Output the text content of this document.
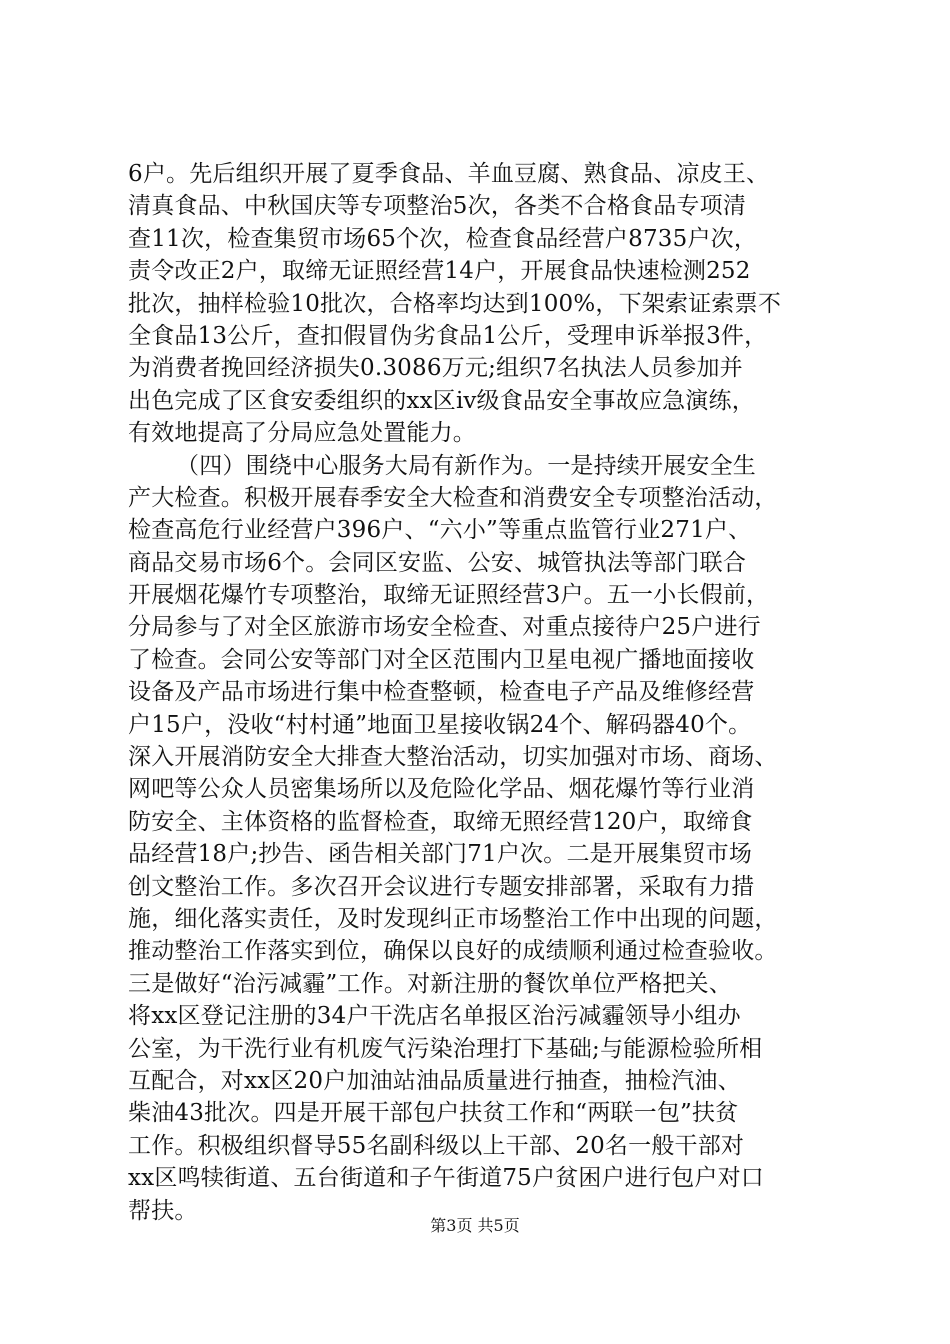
6户。先后组织开展了夏季食品、羊血豆腐、熟食品、凉皮王、
清真食品、中秋国庆等专项整治5次，各类不合格食品专项清
查11次，检查集贸市场65个次，检查食品经营户8735户次，
责令改正2户，取缔无证照经营14户，开展食品快速检测252
批次，抽样检验10批次，合格率均达到100%，下架索证索票不
全食品13公斤，查扣假冒伪劣食品1公斤，受理申诉举报3件，
为消费者挽回经济损失0.3086万元;组织7名执法人员参加并
出色完成了区食安委组织的xx区ⅳ级食品安全事故应急演练，
有效地提高了分局应急处置能力。
（四）围绕中心服务大局有新作为。一是持续开展安全生
产大检查。积极开展春季安全大检查和消费安全专项整治活动，
检查高危行业经营户396户、“六小”等重点监管行业271户、
商品交易市场6个。会同区安监、公安、城管执法等部门联合
开展烟花爆竹专项整治，取缔无证照经营3户。五一小长假前，
分局参与了对全区旅游市场安全检查、对重点接待户25户进行
了检查。会同公安等部门对全区范围内卫星电视广播地面接收
设备及产品市场进行集中检查整顿，检查电子产品及维修经营
户15户，没收“村村通”地面卫星接收锅24个、解码器40个。
深入开展消防安全大排查大整治活动，切实加强对市场、商场、
网吧等公众人员密集场所以及危险化学品、烟花爆竹等行业消
防安全、主体资格的监督检查，取缔无照经营120户，取缔食
品经营18户;抄告、函告相关部门71户次。二是开展集贸市场
创文整治工作。多次召开会议进行专题安排部署，采取有力措
施，细化落实责任，及时发现纠正市场整治工作中出现的问题，
推动整治工作落实到位，确保以良好的成绩顺利通过检查验收。
三是做好“治污减霾”工作。对新注册的餐饮单位严格把关、
将xx区登记注册的34户干洗店名单报区治污减霾领导小组办
公室，为干洗行业有机废气污染治理打下基础;与能源检验所相
互配合，对xx区20户加油站油品质量进行抽查，抽检汽油、
柴油43批次。四是开展干部包户扶贫工作和“两联一包”扶贫
工作。积极组织督导55名副科级以上干部、20名一般干部对
xx区鸣犊街道、五台街道和子午街道75户贫困户进行包户对口
帮扶。
第3页 共5页
